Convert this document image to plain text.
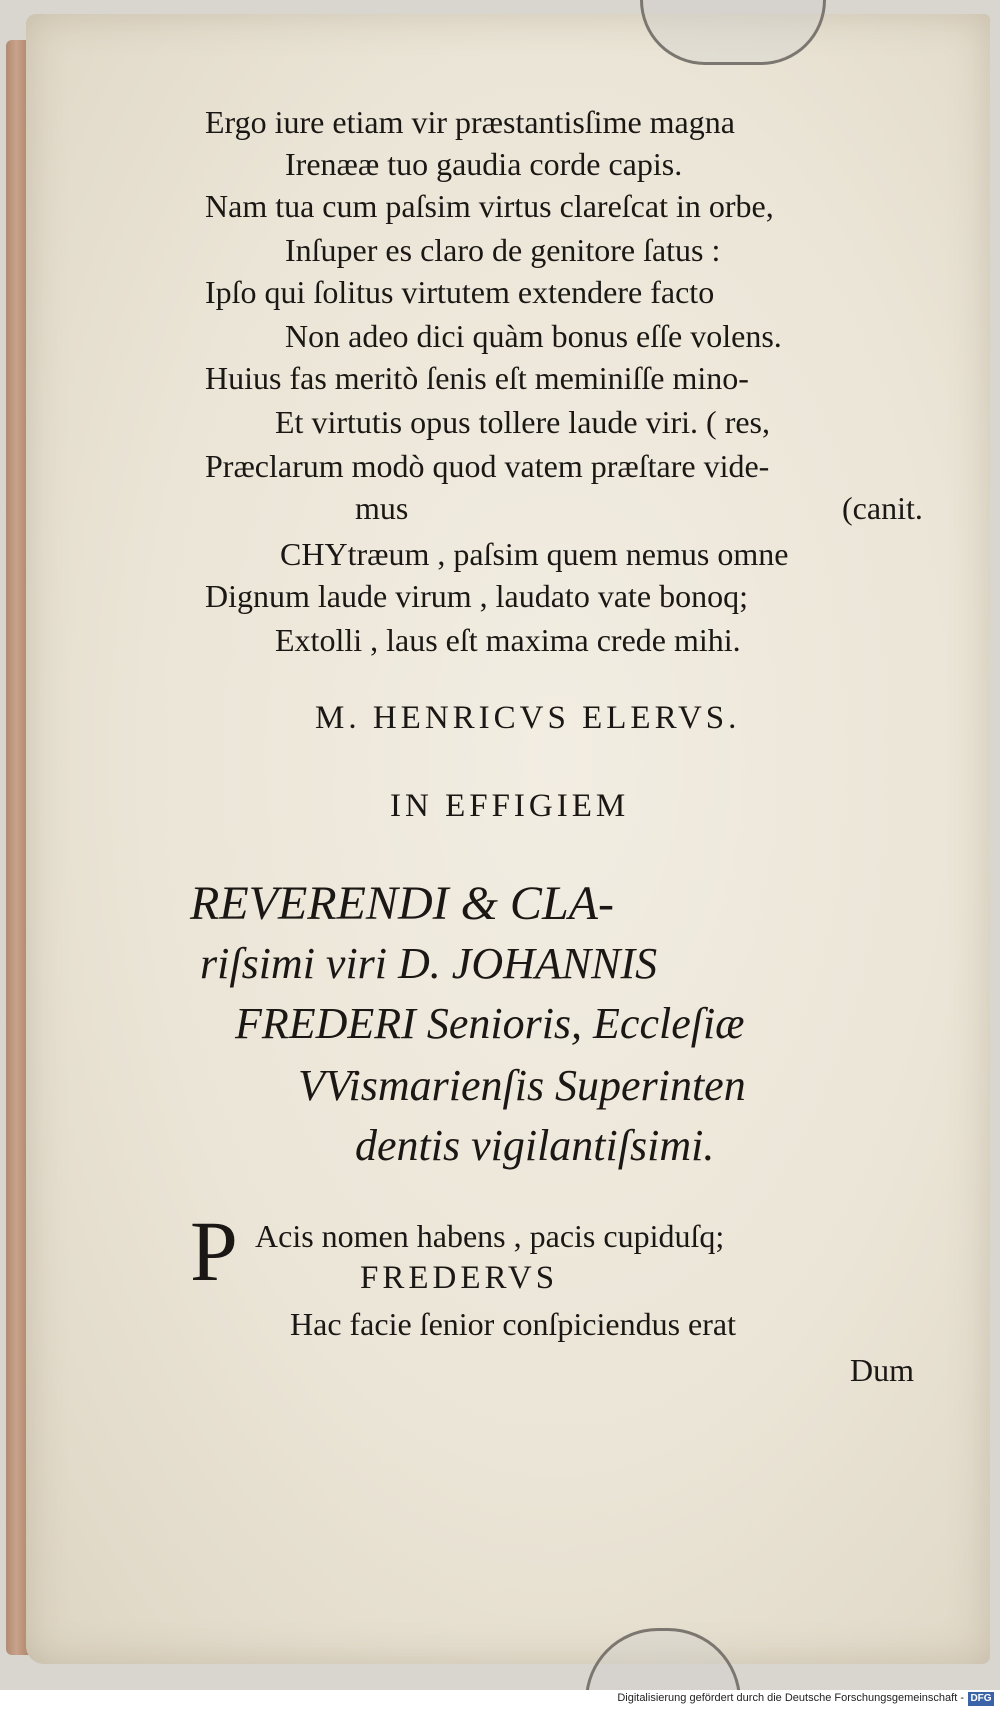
Ergo iure etiam vir præstantisſime magna
Irenææ tuo gaudia corde capis.
Nam tua cum paſsim virtus clareſcat in orbe,
Inſuper es claro de genitore ſatus :
Ipſo qui ſolitus virtutem extendere facto
Non adeo dici quàm bonus eſſe volens.
Huius fas meritò ſenis eſt meminiſſe mino-
Et virtutis opus tollere laude viri. ( res,
Præclarum modò quod vatem præſtare vide-
mus	(canit.
CHYtræum , paſsim quem nemus omne
Dignum laude virum , laudato vate bonoq;
Extolli , laus eſt maxima crede mihi.
M. HENRICVS ELERVS.
IN EFFIGIEM
REVERENDI & CLA-
riſsimi viri D. JOHANNIS
FREDERI Senioris, Eccleſiæ
VVismarienſis Superinten
dentis vigilantiſsimi.
P Acis nomen habens , pacis cupiduſq;
FREDERVS
Hac facie ſenior conſpiciendus erat
Dum
Digitalisierung gefördert durch die Deutsche Forschungsgemeinschaft - DFG
